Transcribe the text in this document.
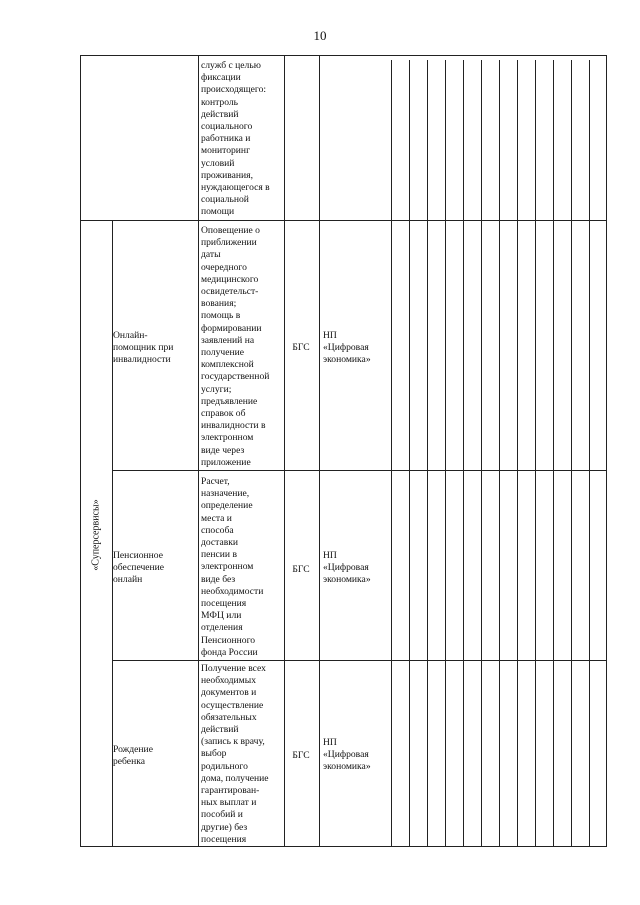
10
«Суперсервисы»
служб с целью
фиксации
происходящего:
контроль
действий
социального
работника и
мониторинг
условий
проживания,
нуждающегося в
социальной
помощи
Онлайн-
помощник при
инвалидности
Оповещение о
приближении
даты
очередного
медицинского
освидетельст-
вования;
помощь в
формировании
заявлений на
получение
комплексной
государственной
услуги;
предъявление
справок об
инвалидности в
электронном
виде через
приложение
БГС
НП
«Цифровая
экономика»
Пенсионное
обеспечение
онлайн
Расчет,
назначение,
определение
места и
способа
доставки
пенсии в
электронном
виде без
необходимости
посещения
МФЦ или
отделения
Пенсионного
фонда России
БГС
НП
«Цифровая
экономика»
Рождение
ребенка
Получение всех
необходимых
документов и
осуществление
обязательных
действий
(запись к врачу,
выбор
родильного
дома, получение
гарантирован-
ных выплат и
пособий и
другие) без
посещения
БГС
НП
«Цифровая
экономика»
